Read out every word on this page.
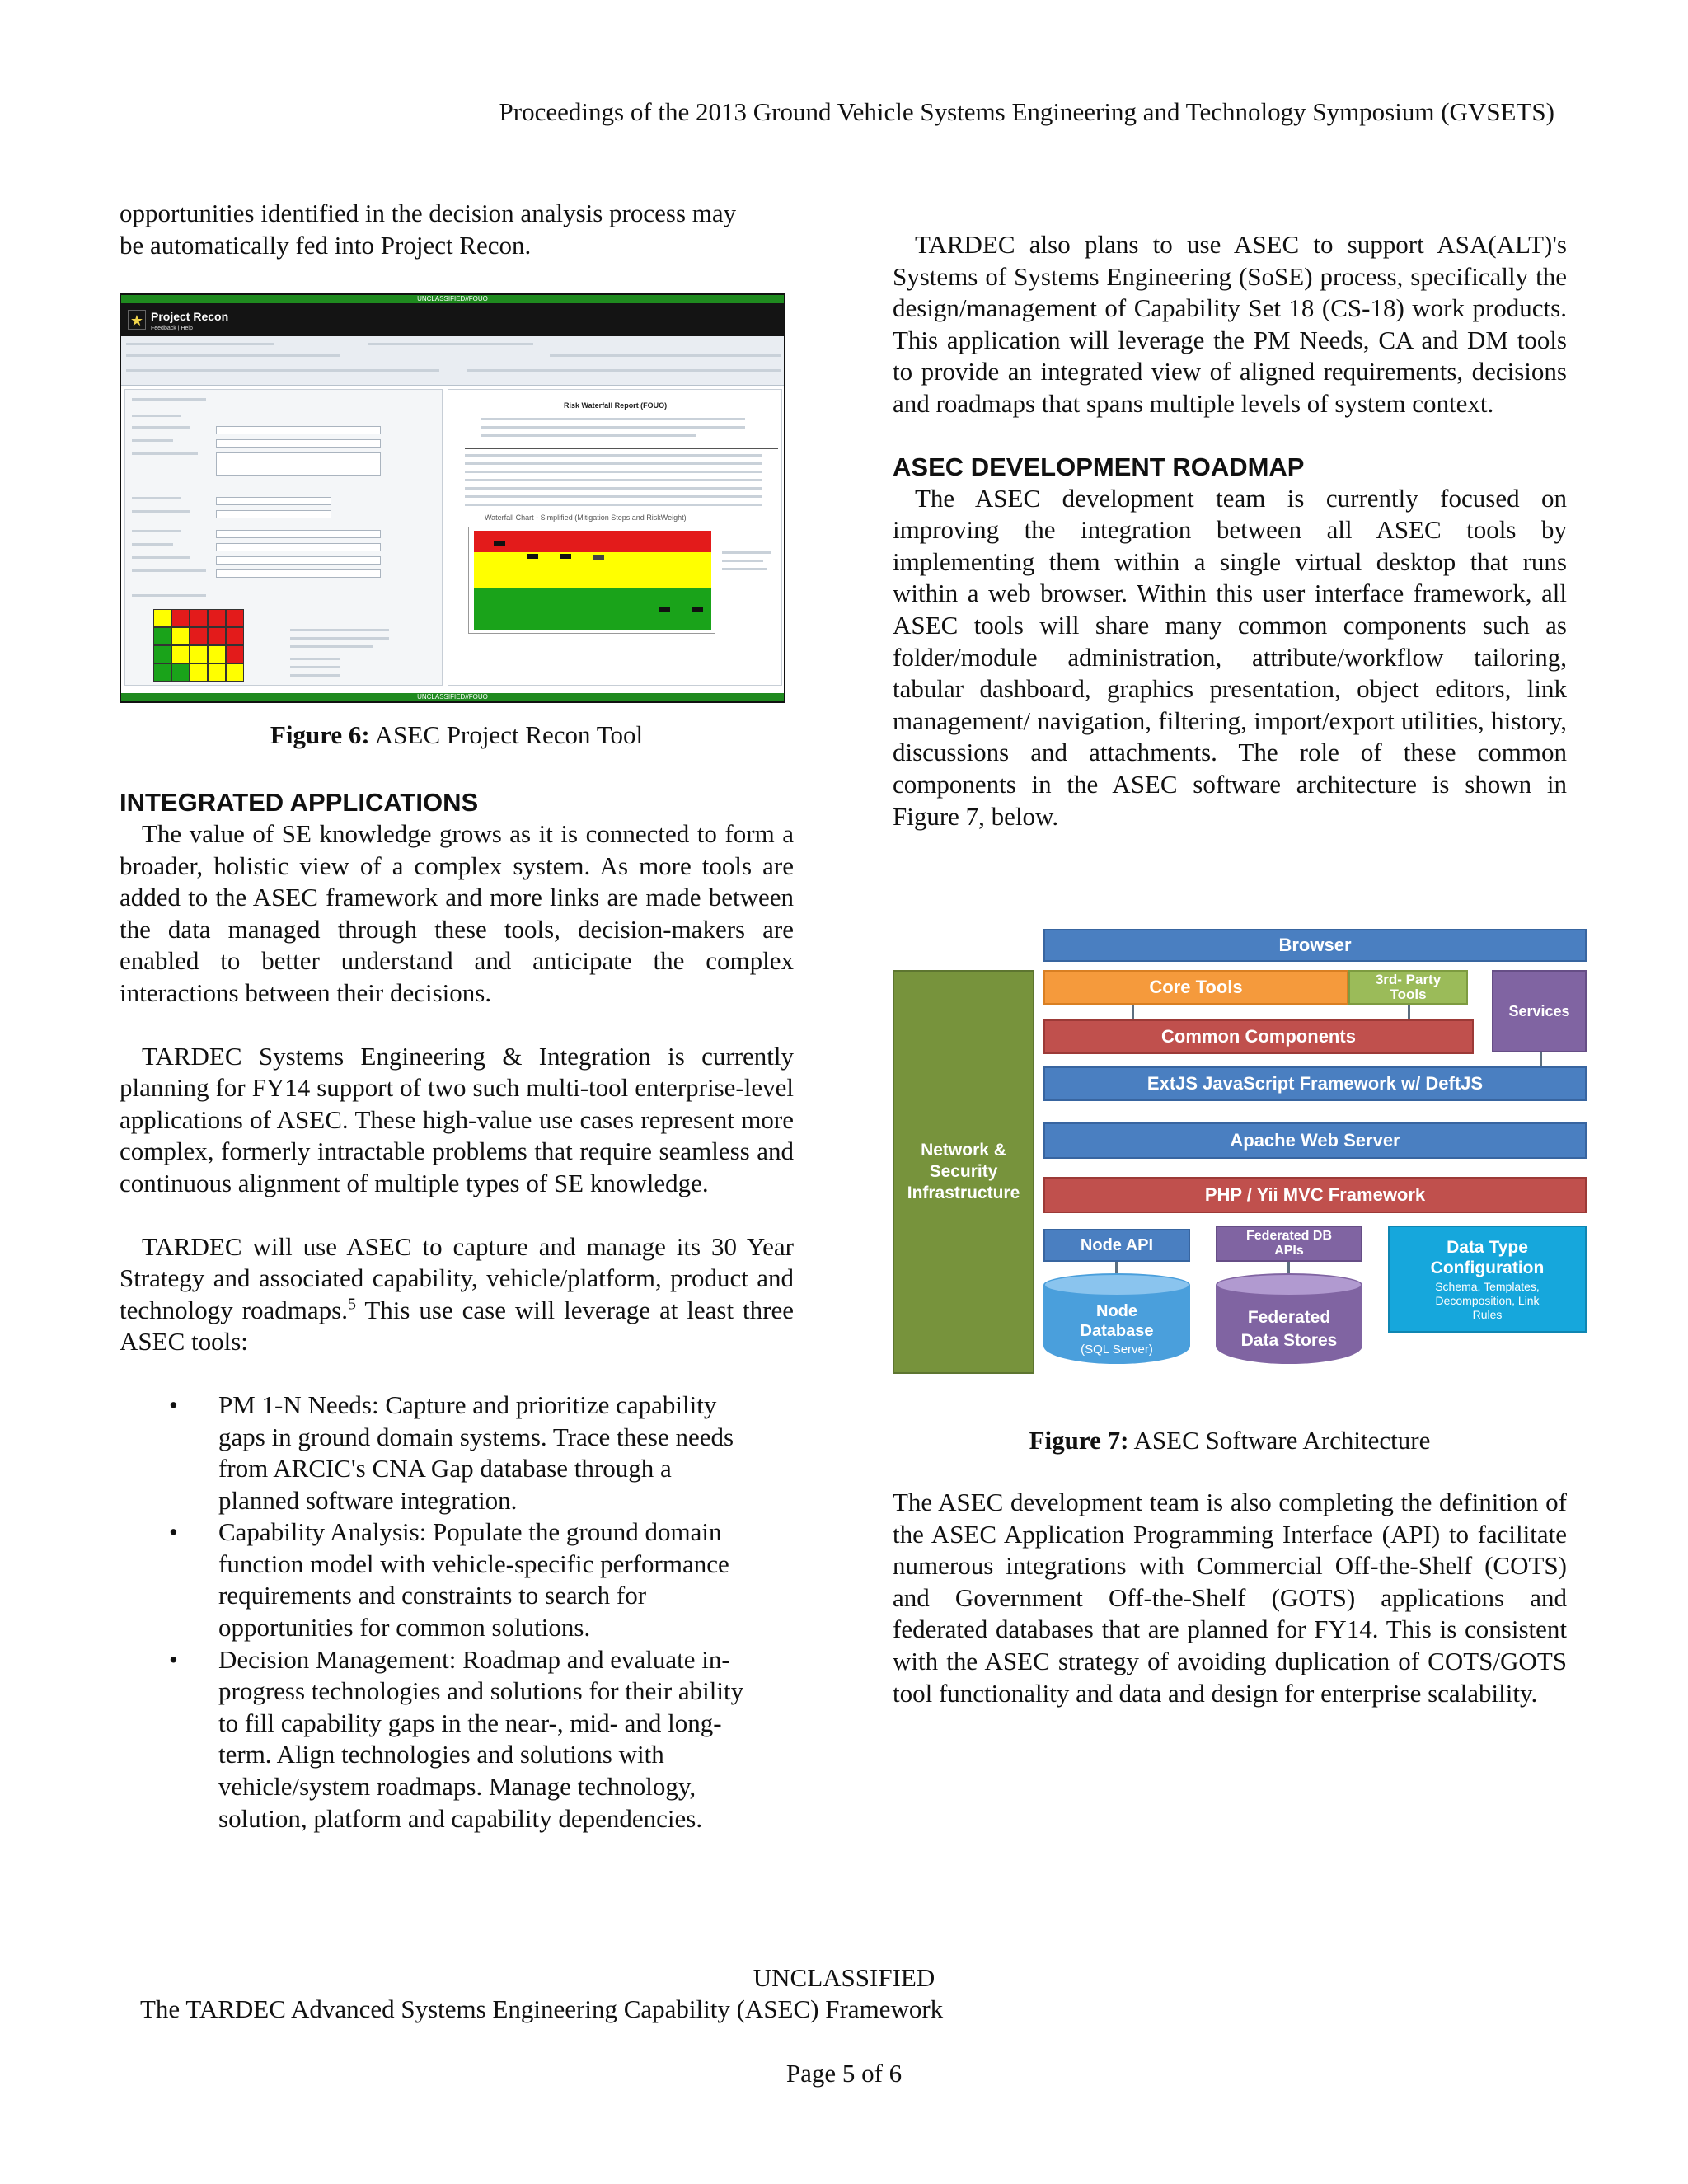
Proceedings of the 2013 Ground Vehicle Systems Engineering and Technology Symposium (GVSETS)

opportunities identified in the decision analysis process may

be automatically fed into Project Recon.

UNCLASSIFIED//FOUO
★ Project Recon
Feedback | Help
Risk Waterfall Report (FOUO)
Waterfall Chart - Simplified (Mitigation Steps and RiskWeight)
UNCLASSIFIED//FOUO
Figure 6: ASEC Project Recon Tool
INTEGRATED APPLICATIONS

The value of SE knowledge grows as it is connected to form a broader, holistic view of a complex system. As more tools are added to the ASEC framework and more links are made between the data managed through these tools, decision-makers are enabled to better understand and anticipate the complex interactions between their decisions.

TARDEC Systems Engineering & Integration is currently planning for FY14 support of two such multi-tool enterprise-level applications of ASEC. These high-value use cases represent more complex, formerly intractable problems that require seamless and continuous alignment of multiple types of SE knowledge.

TARDEC will use ASEC to capture and manage its 30 Year Strategy and associated capability, vehicle/platform, product and technology roadmaps.$^5$ This use case will leverage at least three ASEC tools:

• PM 1-N Needs: Capture and prioritize capability
gaps in ground domain systems. Trace these needs
from ARCIC's CNA Gap database through a
planned software integration.
• Capability Analysis: Populate the ground domain
function model with vehicle-specific performance
requirements and constraints to search for
opportunities for common solutions.
• Decision Management: Roadmap and evaluate in-
progress technologies and solutions for their ability
to fill capability gaps in the near-, mid- and long-
term. Align technologies and solutions with
vehicle/system roadmaps. Manage technology,
solution, platform and capability dependencies.

TARDEC also plans to use ASEC to support ASA(ALT)'s Systems of Systems Engineering (SoSE) process, specifically the design/management of Capability Set 18 (CS-18) work products. This application will leverage the PM Needs, CA and DM tools to provide an integrated view of aligned requirements, decisions and roadmaps that spans multiple levels of system context.

ASEC DEVELOPMENT ROADMAP

The ASEC development team is currently focused on improving the integration between all ASEC tools by implementing them within a single virtual desktop that runs within a web browser. Within this user interface framework, all ASEC tools will share many common components such as folder/module administration, attribute/workflow tailoring, tabular dashboard, graphics presentation, object editors, link management/ navigation, filtering, import/export utilities, history, discussions and attachments. The role of these common components in the ASEC software architecture is shown in Figure 7, below.

Browser
Core Tools	3rd- Party Tools
Services
Common Components
ExtJS JavaScript Framework w/ DeftJS
Network & Security Infrastructure
Apache Web Server
PHP / Yii MVC Framework
Node API	Federated DB APIs	Data Type Configuration
Schema, Templates, Decomposition, Link Rules
Node Database
(SQL Server)
Federated Data Stores
Figure 7: ASEC Software Architecture

The ASEC development team is also completing the definition of the ASEC Application Programming Interface (API) to facilitate numerous integrations with Commercial Off-the-Shelf (COTS) and Government Off-the-Shelf (GOTS) applications and federated databases that are planned for FY14. This is consistent with the ASEC strategy of avoiding duplication of COTS/GOTS tool functionality and data and design for enterprise scalability.

UNCLASSIFIED
The TARDEC Advanced Systems Engineering Capability (ASEC) Framework
Page 5 of 6
